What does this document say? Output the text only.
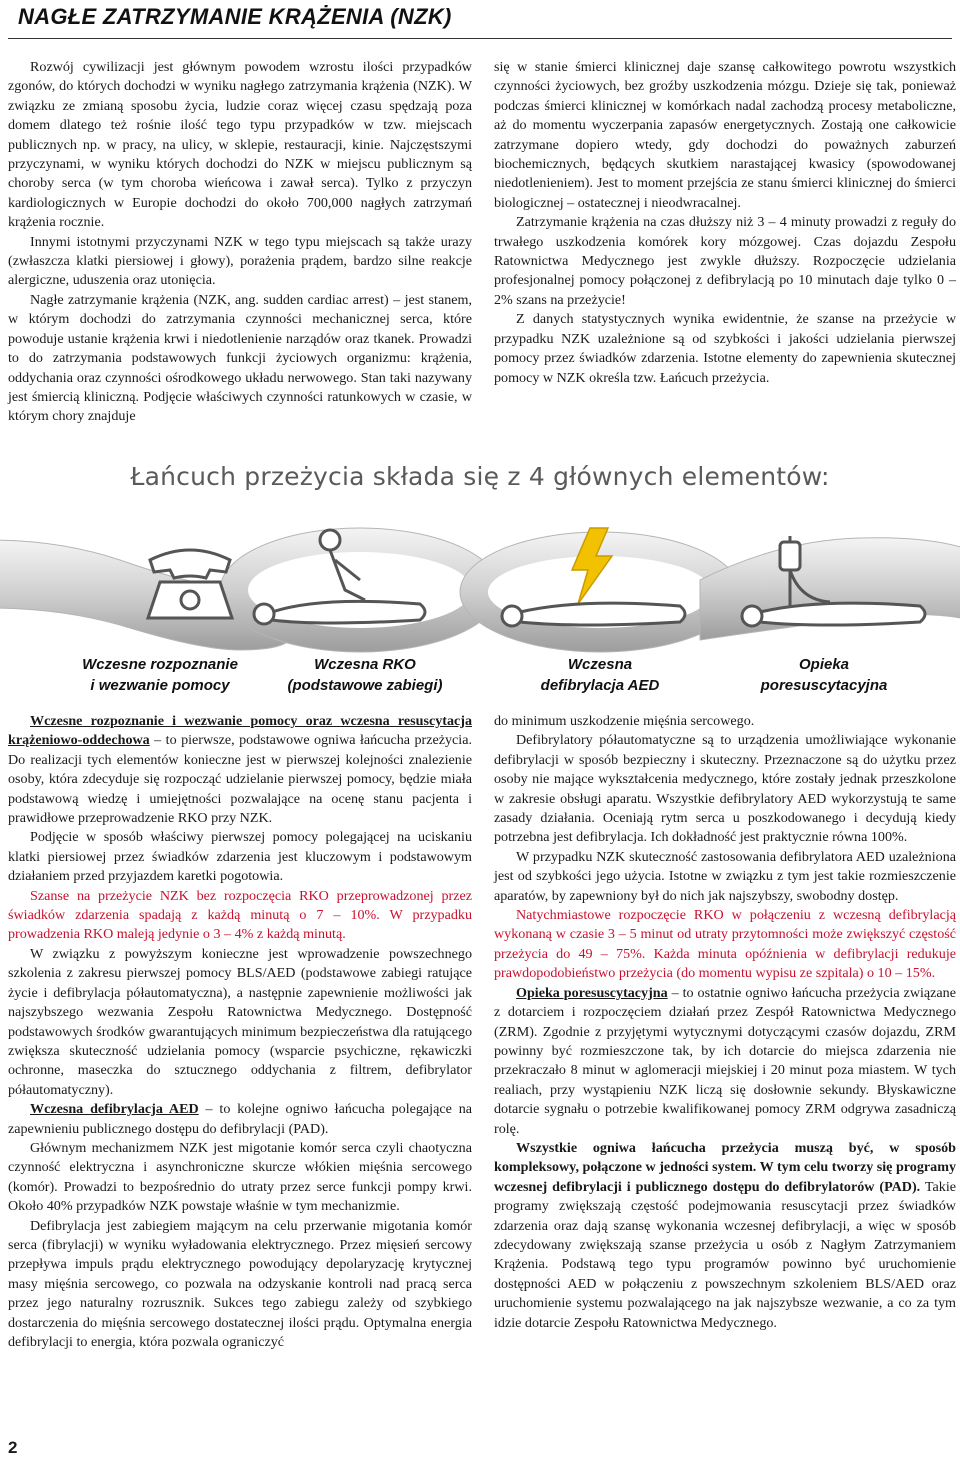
NAGŁE ZATRZYMANIE KRĄŻENIA (NZK)

Rozwój cywilizacji jest głównym powodem wzrostu ilości przypadków zgonów, do których dochodzi w wyniku nagłego zatrzymania krążenia (NZK). W związku ze zmianą sposobu życia, ludzie coraz więcej czasu spędzają poza domem dlatego też rośnie ilość tego typu przypadków w tzw. miejscach publicznych np. w pracy, na ulicy, w sklepie, restauracji, kinie. Najczęstszymi przyczynami, w wyniku których dochodzi do NZK w miejscu publicznym są choroby serca (w tym choroba wieńcowa i zawał serca). Tylko z przyczyn kardiologicznych w Europie dochodzi do około 700,000 nagłych zatrzymań krążenia rocznie.

Innymi istotnymi przyczynami NZK w tego typu miejscach są także urazy (zwłaszcza klatki piersiowej i głowy), porażenia prądem, bardzo silne reakcje alergiczne, uduszenia oraz utonięcia.

Nagłe zatrzymanie krążenia (NZK, ang. sudden cardiac arrest) – jest stanem, w którym dochodzi do zatrzymania czynności mechanicznej serca, które powoduje ustanie krążenia krwi i niedotlenienie narządów oraz tkanek. Prowadzi to do zatrzymania podstawowych funkcji życiowych organizmu: krążenia, oddychania oraz czynności ośrodkowego układu nerwowego. Stan taki nazywany jest śmiercią kliniczną. Podjęcie właściwych czynności ratunkowych w czasie, w którym chory znajduje

się w stanie śmierci klinicznej daje szansę całkowitego powrotu wszystkich czynności życiowych, bez groźby uszkodzenia mózgu. Dzieje się tak, ponieważ podczas śmierci klinicznej w komórkach nadal zachodzą procesy metaboliczne, aż do momentu wyczerpania zapasów energetycznych. Zostają one całkowicie zatrzymane dopiero wtedy, gdy dochodzi do poważnych zaburzeń biochemicznych, będących skutkiem narastającej kwasicy (spowodowanej niedotlenieniem). Jest to moment przejścia ze stanu śmierci klinicznej do śmierci biologicznej – ostatecznej i nieodwracalnej.

Zatrzymanie krążenia na czas dłuższy niż 3 – 4 minuty prowadzi z reguły do trwałego uszkodzenia komórek kory mózgowej. Czas dojazdu Zespołu Ratownictwa Medycznego jest zwykle dłuższy. Rozpoczęcie udzielania profesjonalnej pomocy połączonej z defibrylacją po 10 minutach daje tylko 0 – 2% szans na przeżycie!

Z danych statystycznych wynika ewidentnie, że szanse na przeżycie w przypadku NZK uzależnione są od szybkości i jakości udzielania pierwszej pomocy przez świadków zdarzenia. Istotne elementy do zapewnienia skutecznej pomocy w NZK określa tzw. Łańcuch przeżycia.

Łańcuch przeżycia składa się z 4 głównych elementów:
Wczesne rozpoznanie
i wezwanie pomocy
Wczesna RKO
(podstawowe zabiegi)
Wczesna
defibrylacja AED
Opieka
poresuscytacyjna

Wczesne rozpoznanie i wezwanie pomocy oraz wczesna resuscytacja krążeniowo-oddechowa – to pierwsze, podstawowe ogniwa łańcucha przeżycia. Do realizacji tych elementów konieczne jest w pierwszej kolejności znalezienie osoby, która zdecyduje się rozpocząć udzielanie pierwszej pomocy, będzie miała podstawową wiedzę i umiejętności pozwalające na ocenę stanu pacjenta i prawidłowe przeprowadzenie RKO przy NZK.

Podjęcie w sposób właściwy pierwszej pomocy polegającej na uciskaniu klatki piersiowej przez świadków zdarzenia jest kluczowym i podstawowym działaniem przed przyjazdem karetki pogotowia.

Szanse na przeżycie NZK bez rozpoczęcia RKO przeprowadzonej przez świadków zdarzenia spadają z każdą minutą o 7 – 10%. W przypadku prowadzenia RKO maleją jedynie o 3 – 4% z każdą minutą.

W związku z powyższym konieczne jest wprowadzenie powszechnego szkolenia z zakresu pierwszej pomocy BLS/AED (podstawowe zabiegi ratujące życie i defibrylacja półautomatyczna), a następnie zapewnienie możliwości jak najszybszego wezwania Zespołu Ratownictwa Medycznego. Dostępność podstawowych środków gwarantujących minimum bezpieczeństwa dla ratującego zwiększa skuteczność udzielania pomocy (wsparcie psychiczne, rękawiczki ochronne, maseczka do sztucznego oddychania z filtrem, defibrylator półautomatyczny).

Wczesna defibrylacja AED – to kolejne ogniwo łańcucha polegające na zapewnieniu publicznego dostępu do defibrylacji (PAD).

Głównym mechanizmem NZK jest migotanie komór serca czyli chaotyczna czynność elektryczna i asynchroniczne skurcze włókien mięśnia sercowego (komór). Prowadzi to bezpośrednio do utraty przez serce funkcji pompy krwi. Około 40% przypadków NZK powstaje właśnie w tym mechanizmie.

Defibrylacja jest zabiegiem mającym na celu przerwanie migotania komór serca (fibrylacji) w wyniku wyładowania elektrycznego. Przez mięsień sercowy przepływa impuls prądu elektrycznego powodujący depolaryzację krytycznej masy mięśnia sercowego, co pozwala na odzyskanie kontroli nad pracą serca przez jego naturalny rozrusznik. Sukces tego zabiegu zależy od szybkiego dostarczenia do mięśnia sercowego dostatecznej ilości prądu. Optymalna energia defibrylacji to energia, która pozwala ograniczyć

do minimum uszkodzenie mięśnia sercowego.

Defibrylatory półautomatyczne są to urządzenia umożliwiające wykonanie defibrylacji w sposób bezpieczny i skuteczny. Przeznaczone są do użytku przez osoby nie mające wykształcenia medycznego, które zostały jednak przeszkolone w zakresie obsługi aparatu. Wszystkie defibrylatory AED wykorzystują te same zasady działania. Oceniają rytm serca u poszkodowanego i decydują kiedy potrzebna jest defibrylacja. Ich dokładność jest praktycznie równa 100%.

W przypadku NZK skuteczność zastosowania defibrylatora AED uzależniona jest od szybkości jego użycia. Istotne w związku z tym jest takie rozmieszczenie aparatów, by zapewniony był do nich jak najszybszy, swobodny dostęp.

Natychmiastowe rozpoczęcie RKO w połączeniu z wczesną defibrylacją wykonaną w czasie 3 – 5 minut od utraty przytomności może zwiększyć częstość przeżycia do 49 – 75%. Każda minuta opóźnienia w defibrylacji redukuje prawdopodobieństwo przeżycia (do momentu wypisu ze szpitala) o 10 – 15%.

Opieka poresuscytacyjna – to ostatnie ogniwo łańcucha przeżycia związane z dotarciem i rozpoczęciem działań przez Zespół Ratownictwa Medycznego (ZRM). Zgodnie z przyjętymi wytycznymi dotyczącymi czasów dojazdu, ZRM powinny być rozmieszczone tak, by ich dotarcie do miejsca zdarzenia nie przekraczało 8 minut w aglomeracji miejskiej i 20 minut poza miastem. W tych realiach, przy wystąpieniu NZK liczą się dosłownie sekundy. Błyskawiczne dotarcie sygnału o potrzebie kwalifikowanej pomocy ZRM odgrywa zasadniczą rolę.

Wszystkie ogniwa łańcucha przeżycia muszą być, w sposób kompleksowy, połączone w jedności system. W tym celu tworzy się programy wczesnej defibrylacji i publicznego dostępu do defibrylatorów (PAD). Takie programy zwiększają częstość podejmowania resuscytacji przez świadków zdarzenia oraz dają szansę wykonania wczesnej defibrylacji, a więc w sposób zdecydowany zwiększają szanse przeżycia u osób z Nagłym Zatrzymaniem Krążenia. Podstawą tego typu programów powinno być uruchomienie dostępności AED w połączeniu z powszechnym szkoleniem BLS/AED oraz uruchomienie systemu pozwalającego na jak najszybsze wezwanie, a co za tym idzie dotarcie Zespołu Ratownictwa Medycznego.

2
